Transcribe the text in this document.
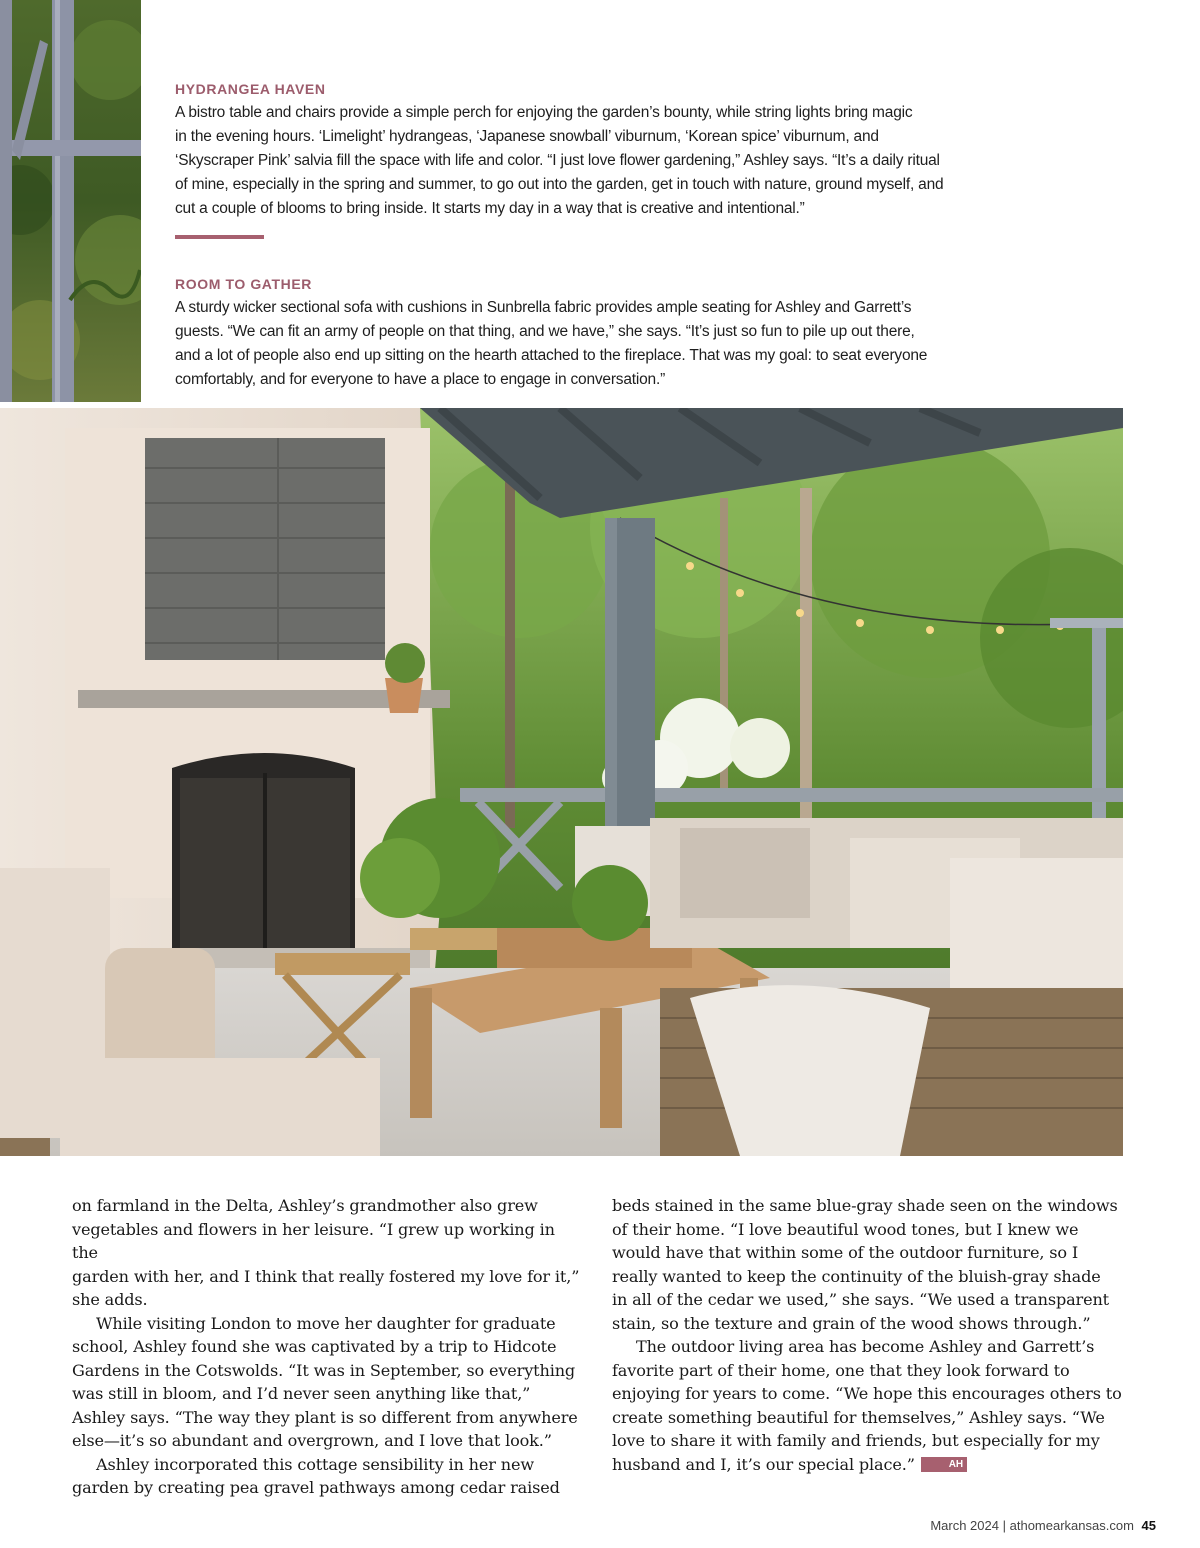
HYDRANGEA HAVEN

A bistro table and chairs provide a simple perch for enjoying the garden’s bounty, while string lights bring magic
in the evening hours. ‘Limelight’ hydrangeas, ‘Japanese snowball’ viburnum, ‘Korean spice’ viburnum, and
‘Skyscraper Pink’ salvia fill the space with life and color. “I just love flower gardening,” Ashley says. “It’s a daily ritual
of mine, especially in the spring and summer, to go out into the garden, get in touch with nature, ground myself, and
cut a couple of blooms to bring inside. It starts my day in a way that is creative and intentional.”

ROOM TO GATHER

A sturdy wicker sectional sofa with cushions in Sunbrella fabric provides ample seating for Ashley and Garrett’s
guests. “We can fit an army of people on that thing, and we have,” she says. “It’s just so fun to pile up out there,
and a lot of people also end up sitting on the hearth attached to the fireplace. That was my goal: to seat everyone
comfortably, and for everyone to have a place to engage in conversation.”

on farmland in the Delta, Ashley’s grandmother also grew
vegetables and flowers in her leisure. “I grew up working in the
garden with her, and I think that really fostered my love for it,”
she adds.

While visiting London to move her daughter for graduate
school, Ashley found she was captivated by a trip to Hidcote
Gardens in the Cotswolds. “It was in September, so everything
was still in bloom, and I’d never seen anything like that,”
Ashley says. “The way they plant is so different from anywhere
else—it’s so abundant and overgrown, and I love that look.”

Ashley incorporated this cottage sensibility in her new
garden by creating pea gravel pathways among cedar raised

beds stained in the same blue-gray shade seen on the windows
of their home. “I love beautiful wood tones, but I knew we
would have that within some of the outdoor furniture, so I
really wanted to keep the continuity of the bluish-gray shade
in all of the cedar we used,” she says. “We used a transparent
stain, so the texture and grain of the wood shows through.”

The outdoor living area has become Ashley and Garrett’s
favorite part of their home, one that they look forward to
enjoying for years to come. “We hope this encourages others to
create something beautiful for themselves,” Ashley says. “We
love to share it with family and friends, but especially for my
husband and I, it’s our special place.”	AH

March 2024 | athomearkansas.com 45
